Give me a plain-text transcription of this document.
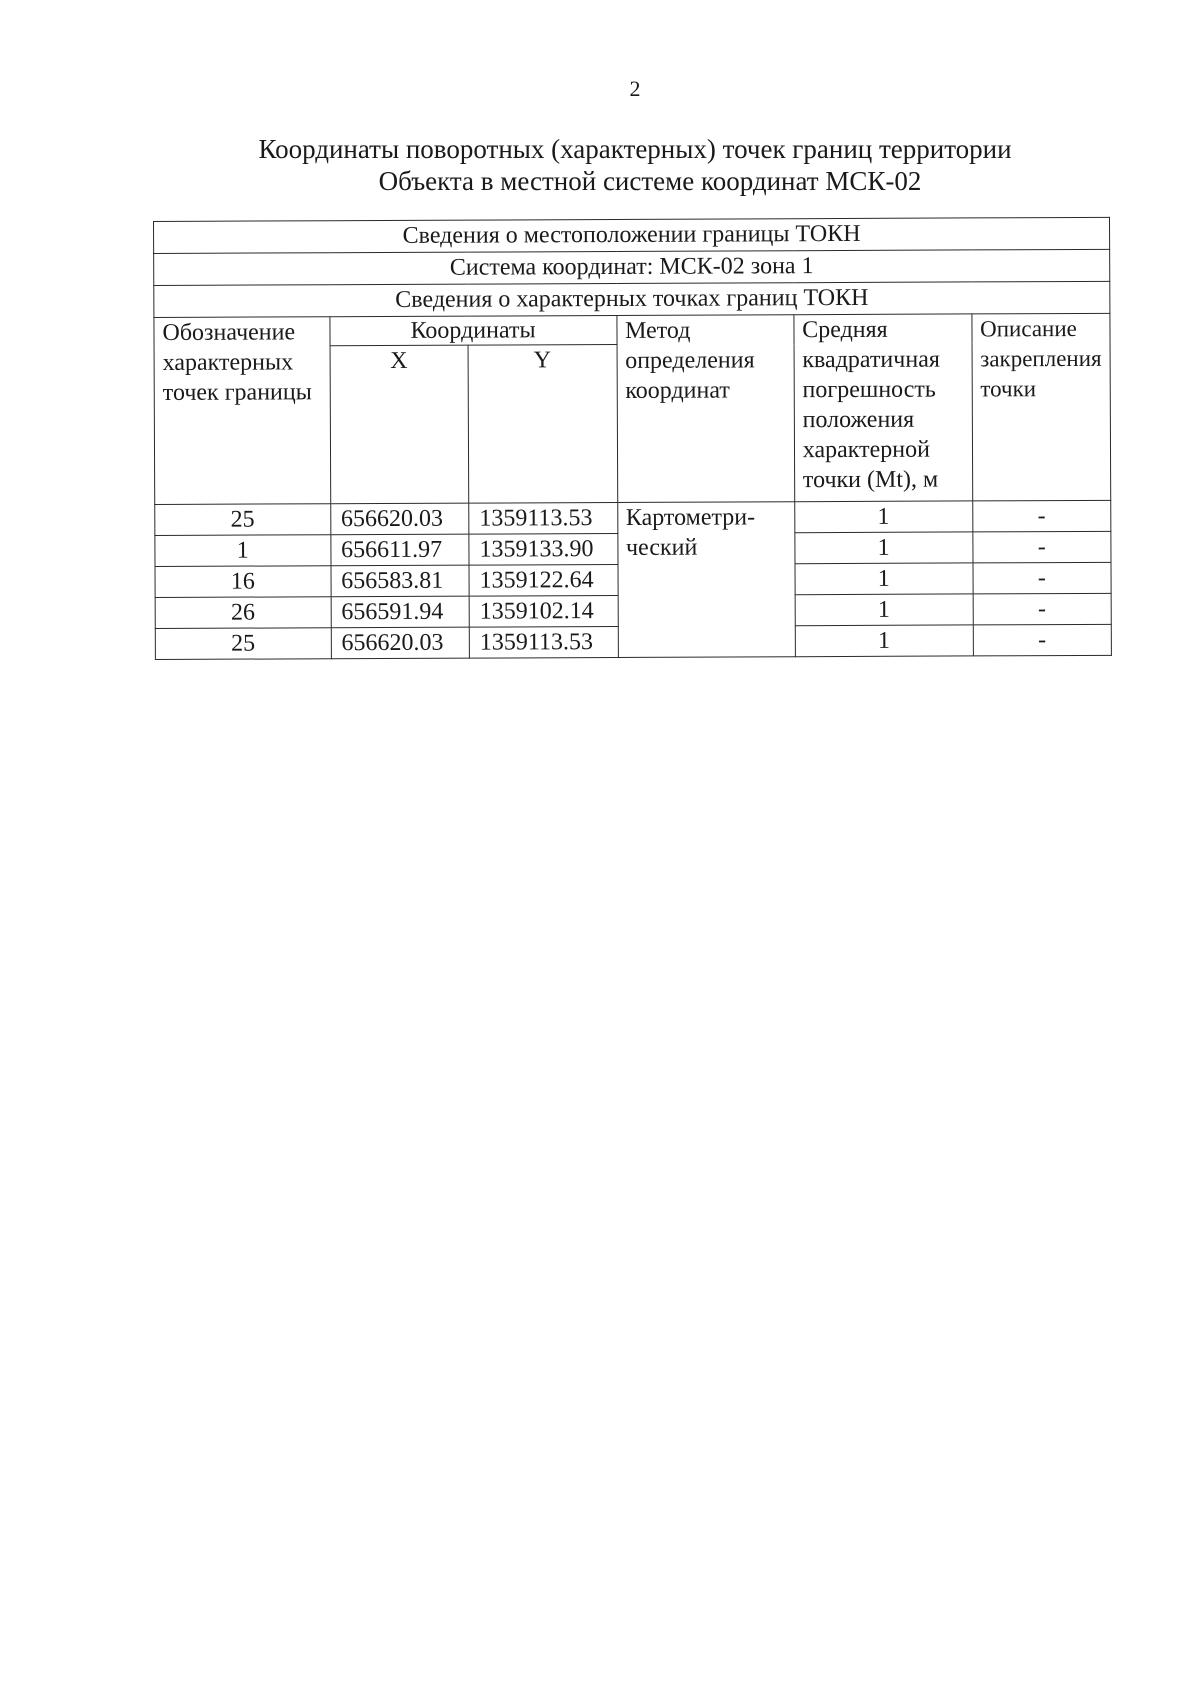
2
Координаты поворотных (характерных) точек границ территории
Объекта в местной системе координат МСК-02
Сведения о местоположении границы ТОКН					
Система координат: МСК-02 зона 1					
Сведения о характерных точках границ ТОКН					
Обозначение характерных точек границы	Координаты		Метод определения координат	Средняя квадратичная погрешность положения характерной точки (Mt), м	Описание закрепления точки
	X	Y			
25	656620.03	1359113.53	Картометри-ческий	1	-
1	656611.97	1359133.90		1	-
16	656583.81	1359122.64		1	-
26	656591.94	1359102.14		1	-
25	656620.03	1359113.53		1	-
